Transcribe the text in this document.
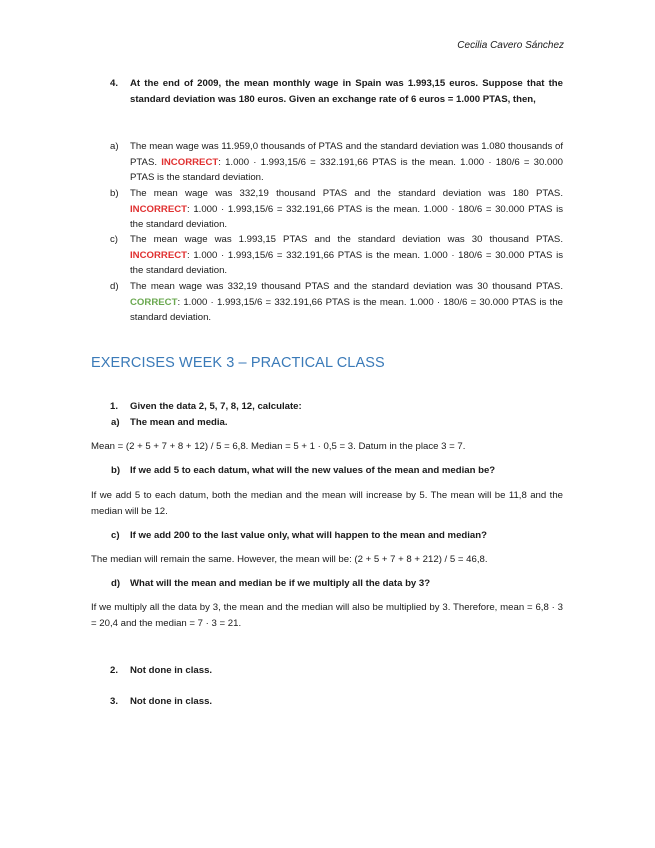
Cecilia Cavero Sánchez
4. At the end of 2009, the mean monthly wage in Spain was 1.993,15 euros. Suppose that the standard deviation was 180 euros. Given an exchange rate of 6 euros = 1.000 PTAS, then,
a) The mean wage was 11.959,0 thousands of PTAS and the standard deviation was 1.080 thousands of PTAS. INCORRECT: 1.000 · 1.993,15/6 = 332.191,66 PTAS is the mean. 1.000 · 180/6 = 30.000 PTAS is the standard deviation.
b) The mean wage was 332,19 thousand PTAS and the standard deviation was 180 PTAS. INCORRECT: 1.000 · 1.993,15/6 = 332.191,66 PTAS is the mean. 1.000 · 180/6 = 30.000 PTAS is the standard deviation.
c) The mean wage was 1.993,15 PTAS and the standard deviation was 30 thousand PTAS. INCORRECT: 1.000 · 1.993,15/6 = 332.191,66 PTAS is the mean. 1.000 · 180/6 = 30.000 PTAS is the standard deviation.
d) The mean wage was 332,19 thousand PTAS and the standard deviation was 30 thousand PTAS. CORRECT: 1.000 · 1.993,15/6 = 332.191,66 PTAS is the mean. 1.000 · 180/6 = 30.000 PTAS is the standard deviation.
EXERCISES WEEK 3 – PRACTICAL CLASS
1. Given the data 2, 5, 7, 8, 12, calculate:
a) The mean and media.
Mean = (2 + 5 + 7 + 8 + 12) / 5 = 6,8. Median = 5 + 1 · 0,5 = 3. Datum in the place 3 = 7.
b) If we add 5 to each datum, what will the new values of the mean and median be?
If we add 5 to each datum, both the median and the mean will increase by 5. The mean will be 11,8 and the median will be 12.
c) If we add 200 to the last value only, what will happen to the mean and median?
The median will remain the same. However, the mean will be: (2 + 5 + 7 + 8 + 212) / 5 = 46,8.
d) What will the mean and median be if we multiply all the data by 3?
If we multiply all the data by 3, the mean and the median will also be multiplied by 3. Therefore, mean = 6,8 · 3 = 20,4 and the median = 7 · 3 = 21.
2. Not done in class.
3. Not done in class.
